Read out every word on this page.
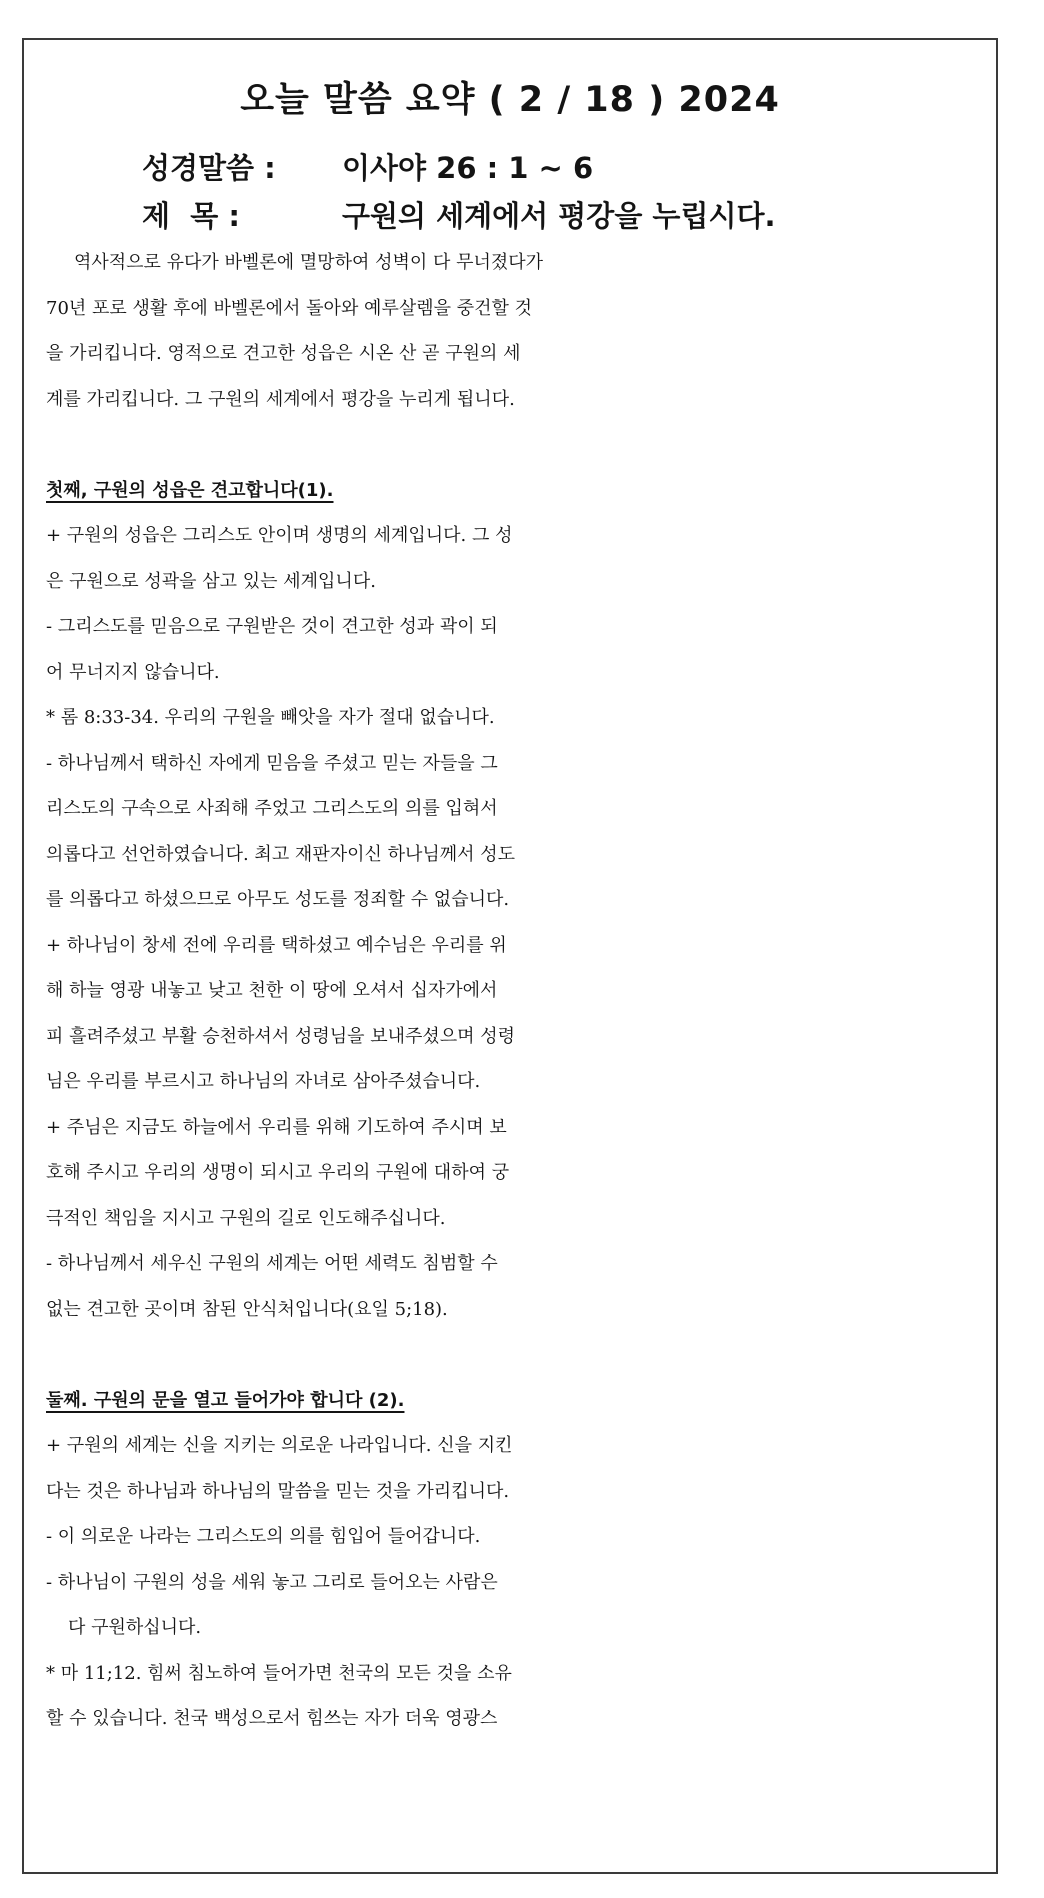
오늘 말씀 요약 ( 2 / 18 ) 2024
성경말씀 : 이사야 26 : 1 ~ 6
제  목 :	구원의 세계에서 평강을 누립시다.
역사적으로 유다가 바벨론에 멸망하여 성벽이 다 무너졌다가
70년 포로 생활 후에 바벨론에서 돌아와 예루살렘을 중건할 것
을 가리킵니다. 영적으로 견고한 성읍은 시온 산 곧 구원의 세
계를 가리킵니다. 그 구원의 세계에서 평강을 누리게 됩니다.
첫째, 구원의 성읍은 견고합니다(1).
+ 구원의 성읍은 그리스도 안이며 생명의 세계입니다. 그 성
은 구원으로 성곽을 삼고 있는 세계입니다.
- 그리스도를 믿음으로 구원받은 것이 견고한 성과 곽이 되
어 무너지지 않습니다.
* 롬 8:33-34. 우리의 구원을 빼앗을 자가 절대 없습니다.
- 하나님께서 택하신 자에게 믿음을 주셨고 믿는 자들을 그
리스도의 구속으로 사죄해 주었고 그리스도의 의를 입혀서
의롭다고 선언하였습니다. 최고 재판자이신 하나님께서 성도
를 의롭다고 하셨으므로 아무도 성도를 정죄할 수 없습니다.
+ 하나님이 창세 전에 우리를 택하셨고 예수님은 우리를 위
해 하늘 영광 내놓고 낮고 천한 이 땅에 오셔서 십자가에서
피 흘려주셨고 부활 승천하셔서 성령님을 보내주셨으며 성령
님은 우리를 부르시고 하나님의 자녀로 삼아주셨습니다.
+ 주님은 지금도 하늘에서 우리를 위해 기도하여 주시며 보
호해 주시고 우리의 생명이 되시고 우리의 구원에 대하여 궁
극적인 책임을 지시고 구원의 길로 인도해주십니다.
- 하나님께서 세우신 구원의 세계는 어떤 세력도 침범할 수
없는 견고한 곳이며 참된 안식처입니다(요일 5;18).
둘째. 구원의 문을 열고 들어가야 합니다 (2).
+ 구원의 세계는 신을 지키는 의로운 나라입니다. 신을 지킨
다는 것은 하나님과 하나님의 말씀을 믿는 것을 가리킵니다.
- 이 의로운 나라는 그리스도의 의를 힘입어 들어갑니다.
- 하나님이 구원의 성을 세워 놓고 그리로 들어오는 사람은
다 구원하십니다.
* 마 11;12. 힘써 침노하여 들어가면 천국의 모든 것을 소유
할 수 있습니다. 천국 백성으로서 힘쓰는 자가 더욱 영광스
